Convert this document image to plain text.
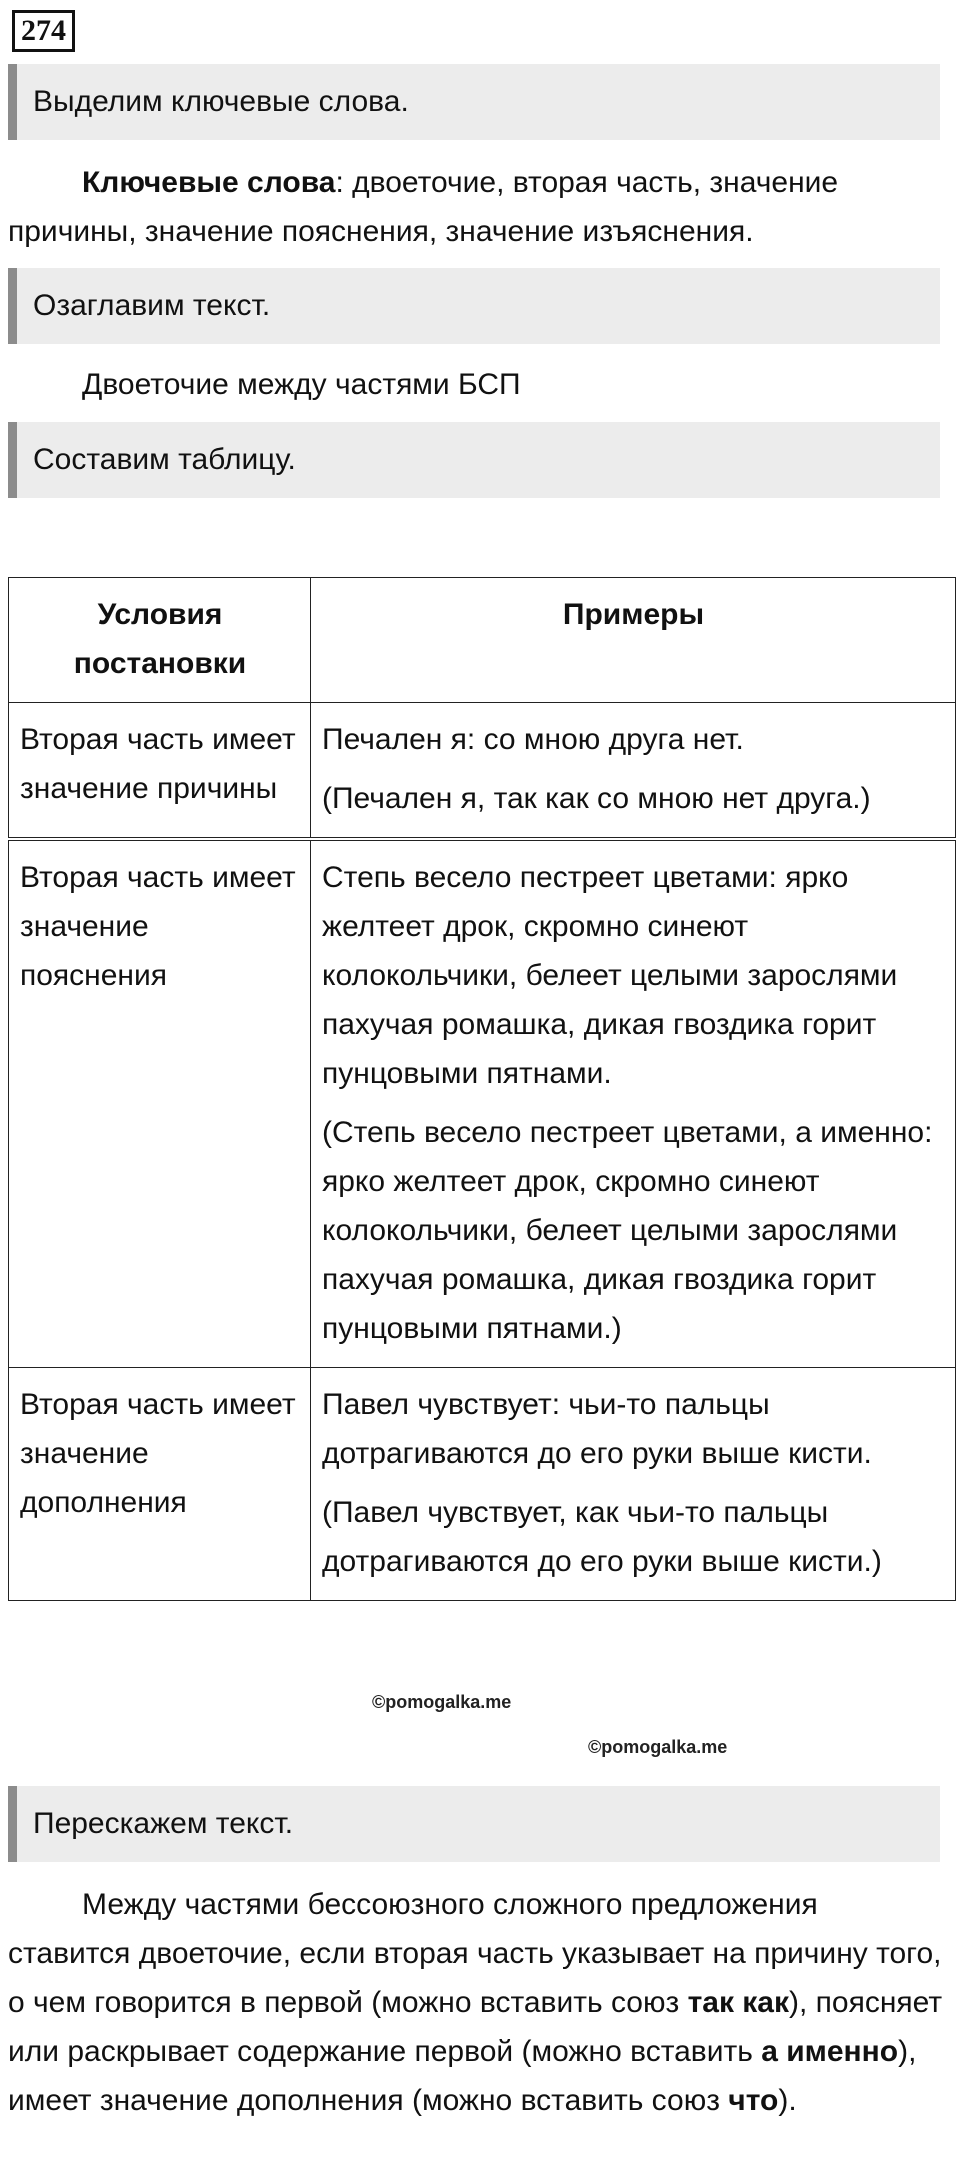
274
Выделим ключевые слова.
Ключевые слова: двоеточие, вторая часть, значение причины, значение пояснения, значение изъяснения.
Озаглавим текст.
Двоеточие между частями БСП
Составим таблицу.
Условия постановки	Примеры
Вторая часть имеет значение причины	Печален я: со мною друга нет.

(Печален я, так как со мною нет друга.)

Вторая часть имеет значение пояснения	Степь весело пестреет цветами: ярко желтеет дрок, скромно синеют колокольчики, белеет целыми зарослями пахучая ромашка, дикая гвоздика горит пунцовыми пятнами.

(Степь весело пестреет цветами, а именно: ярко желтеет дрок, скромно синеют колокольчики, белеет целыми зарослями пахучая ромашка, дикая гвоздика горит пунцовыми пятнами.)

Вторая часть имеет значение дополнения	Павел чувствует: чьи-то пальцы дотрагиваются до его руки выше кисти.

(Павел чувствует, как чьи-то пальцы дотрагиваются до его руки выше кисти.)

©pomogalka.me
©pomogalka.me
Перескажем текст.
Между частями бессоюзного сложного предложения ставится двоеточие, если вторая часть указывает на причину того, о чем говорится в первой (можно вставить союз так как), поясняет или раскрывает содержание первой (можно вставить а именно), имеет значение дополнения (можно вставить союз что).
